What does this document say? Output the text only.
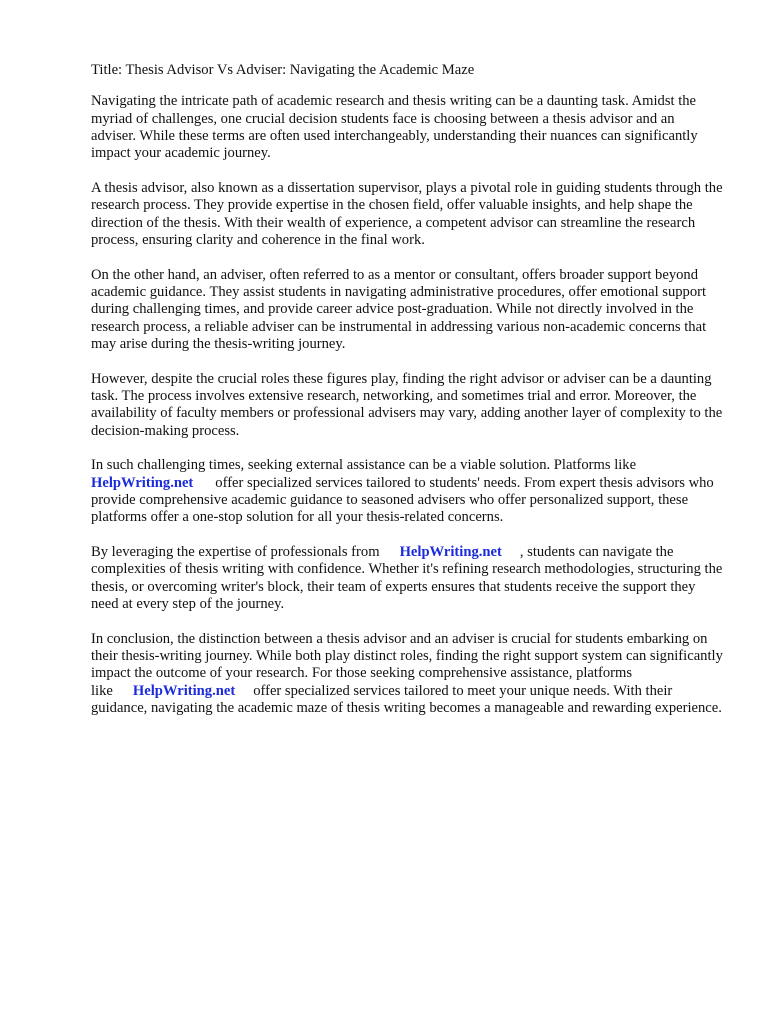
Title: Thesis Advisor Vs Adviser: Navigating the Academic Maze

Navigating the intricate path of academic research and thesis writing can be a daunting task. Amidst the myriad of challenges, one crucial decision students face is choosing between a thesis advisor and an adviser. While these terms are often used interchangeably, understanding their nuances can significantly impact your academic journey.

A thesis advisor, also known as a dissertation supervisor, plays a pivotal role in guiding students through the research process. They provide expertise in the chosen field, offer valuable insights, and help shape the direction of the thesis. With their wealth of experience, a competent advisor can streamline the research process, ensuring clarity and coherence in the final work.

On the other hand, an adviser, often referred to as a mentor or consultant, offers broader support beyond academic guidance. They assist students in navigating administrative procedures, offer emotional support during challenging times, and provide career advice post-graduation. While not directly involved in the research process, a reliable adviser can be instrumental in addressing various non-academic concerns that may arise during the thesis-writing journey.

However, despite the crucial roles these figures play, finding the right advisor or adviser can be a daunting task. The process involves extensive research, networking, and sometimes trial and error. Moreover, the availability of faculty members or professional advisers may vary, adding another layer of complexity to the decision-making process.

In such challenging times, seeking external assistance can be a viable solution. Platforms like
HelpWriting.net offer specialized services tailored to students' needs. From expert thesis advisors who provide comprehensive academic guidance to seasoned advisers who offer personalized support, these platforms offer a one-stop solution for all your thesis-related concerns.

By leveraging the expertise of professionals from HelpWriting.net , students can navigate the complexities of thesis writing with confidence. Whether it's refining research methodologies, structuring the thesis, or overcoming writer's block, their team of experts ensures that students receive the support they need at every step of the journey.

In conclusion, the distinction between a thesis advisor and an adviser is crucial for students embarking on their thesis-writing journey. While both play distinct roles, finding the right support system can significantly impact the outcome of your research. For those seeking comprehensive assistance, platforms like HelpWriting.net offer specialized services tailored to meet your unique needs. With their guidance, navigating the academic maze of thesis writing becomes a manageable and rewarding experience.
